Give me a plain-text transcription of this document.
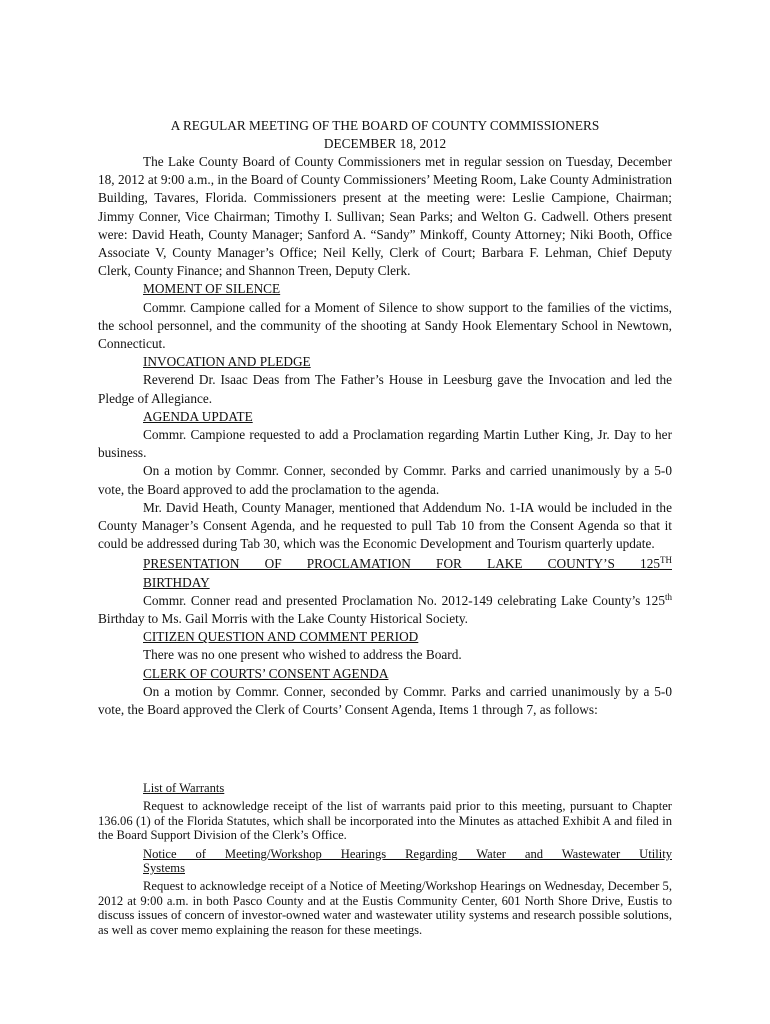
A REGULAR MEETING OF THE BOARD OF COUNTY COMMISSIONERS
DECEMBER 18, 2012

The Lake County Board of County Commissioners met in regular session on Tuesday, December 18, 2012 at 9:00 a.m., in the Board of County Commissioners’ Meeting Room, Lake County Administration Building, Tavares, Florida. Commissioners present at the meeting were: Leslie Campione, Chairman; Jimmy Conner, Vice Chairman; Timothy I. Sullivan; Sean Parks; and Welton G. Cadwell. Others present were: David Heath, County Manager; Sanford A. “Sandy” Minkoff, County Attorney; Niki Booth, Office Associate V, County Manager’s Office; Neil Kelly, Clerk of Court; Barbara F. Lehman, Chief Deputy Clerk, County Finance; and Shannon Treen, Deputy Clerk.

MOMENT OF SILENCE

Commr. Campione called for a Moment of Silence to show support to the families of the victims, the school personnel, and the community of the shooting at Sandy Hook Elementary School in Newtown, Connecticut.

INVOCATION AND PLEDGE

Reverend Dr. Isaac Deas from The Father’s House in Leesburg gave the Invocation and led the Pledge of Allegiance.

AGENDA UPDATE

Commr. Campione requested to add a Proclamation regarding Martin Luther King, Jr. Day to her business.

On a motion by Commr. Conner, seconded by Commr. Parks and carried unanimously by a 5-0 vote, the Board approved to add the proclamation to the agenda.

Mr. David Heath, County Manager, mentioned that Addendum No. 1-IA would be included in the County Manager’s Consent Agenda, and he requested to pull Tab 10 from the Consent Agenda so that it could be addressed during Tab 30, which was the Economic Development and Tourism quarterly update.

PRESENTATION OF PROCLAMATION FOR LAKE COUNTY’S 125TH
BIRTHDAY

Commr. Conner read and presented Proclamation No. 2012-149 celebrating Lake County’s 125th Birthday to Ms. Gail Morris with the Lake County Historical Society.

CITIZEN QUESTION AND COMMENT PERIOD

There was no one present who wished to address the Board.

CLERK OF COURTS’ CONSENT AGENDA

On a motion by Commr. Conner, seconded by Commr. Parks and carried unanimously by a 5-0 vote, the Board approved the Clerk of Courts’ Consent Agenda, Items 1 through 7, as follows:

List of Warrants

Request to acknowledge receipt of the list of warrants paid prior to this meeting, pursuant to Chapter 136.06 (1) of the Florida Statutes, which shall be incorporated into the Minutes as attached Exhibit A and filed in the Board Support Division of the Clerk’s Office.

Notice of Meeting/Workshop Hearings Regarding Water and Wastewater Utility
Systems

Request to acknowledge receipt of a Notice of Meeting/Workshop Hearings on Wednesday, December 5, 2012 at 9:00 a.m. in both Pasco County and at the Eustis Community Center, 601 North Shore Drive, Eustis to discuss issues of concern of investor-owned water and wastewater utility systems and research possible solutions, as well as cover memo explaining the reason for these meetings.
